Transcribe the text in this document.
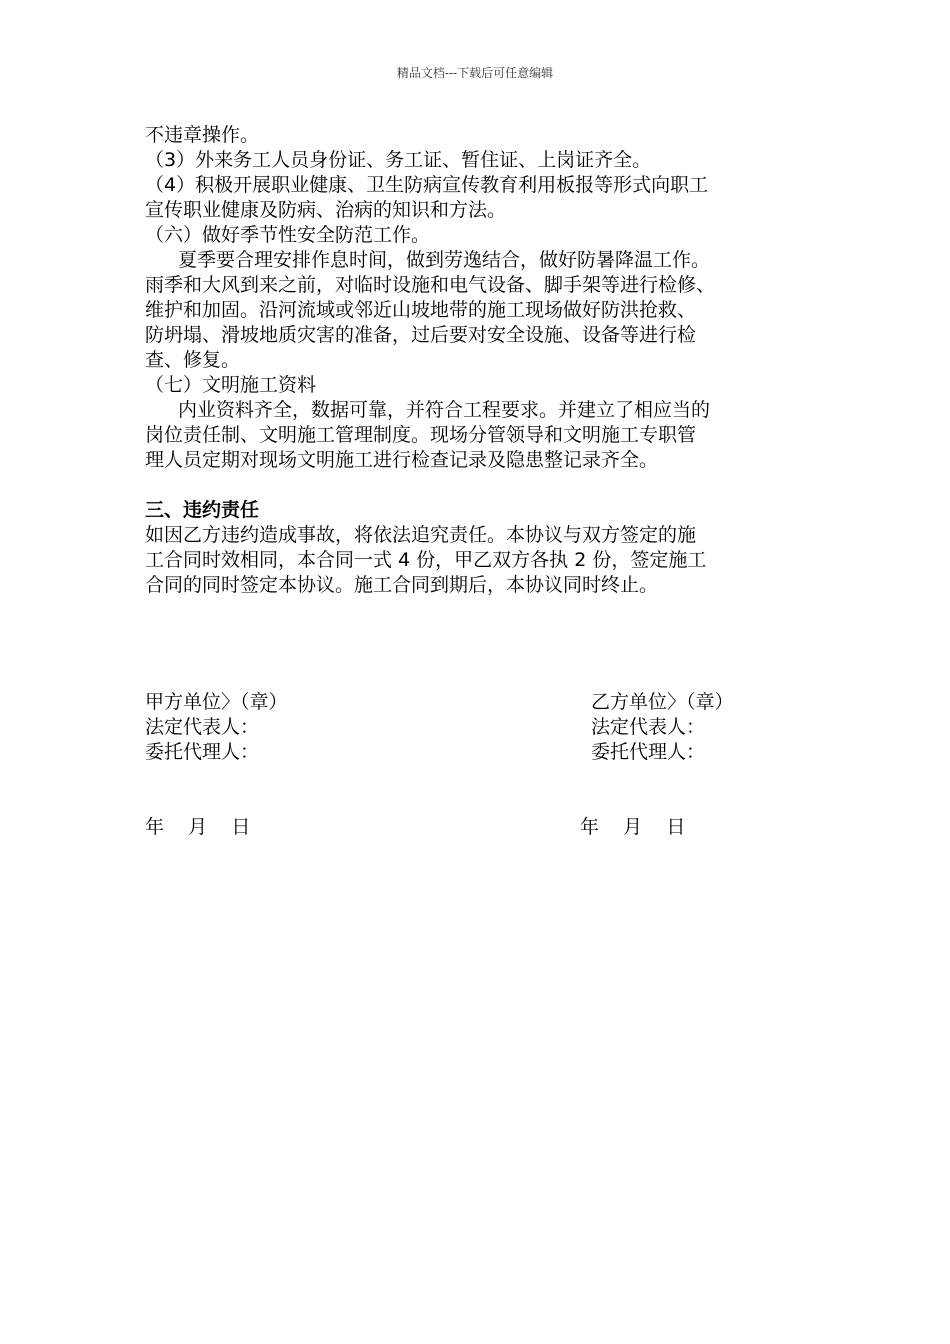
精品文档---下载后可任意编辑
不违章操作。
（3）外来务工人员身份证、务工证、暂住证、上岗证齐全。
（4）积极开展职业健康、卫生防病宣传教育利用板报等形式向职工
宣传职业健康及防病、治病的知识和方法。
（六）做好季节性安全防范工作。
夏季要合理安排作息时间，做到劳逸结合，做好防暑降温工作。
雨季和大风到来之前，对临时设施和电气设备、脚手架等进行检修、
维护和加固。沿河流域或邻近山坡地带的施工现场做好防洪抢救、
防坍塌、滑坡地质灾害的准备，过后要对安全设施、设备等进行检
查、修复。
（七）文明施工资料
内业资料齐全，数据可靠，并符合工程要求。并建立了相应当的
岗位责任制、文明施工管理制度。现场分管领导和文明施工专职管
理人员定期对现场文明施工进行检查记录及隐患整记录齐全。
三、违约责任
如因乙方违约造成事故，将依法追究责任。本协议与双方签定的施
工合同时效相同，本合同一式 4 份，甲乙双方各执 2 份，签定施工
合同的同时签定本协议。施工合同到期后，本协议同时终止。
甲方单位〉（章）
法定代表人：
委托代理人：
乙方单位〉（章）
法定代表人：
委托代理人：
年    月    日	年    月    日
